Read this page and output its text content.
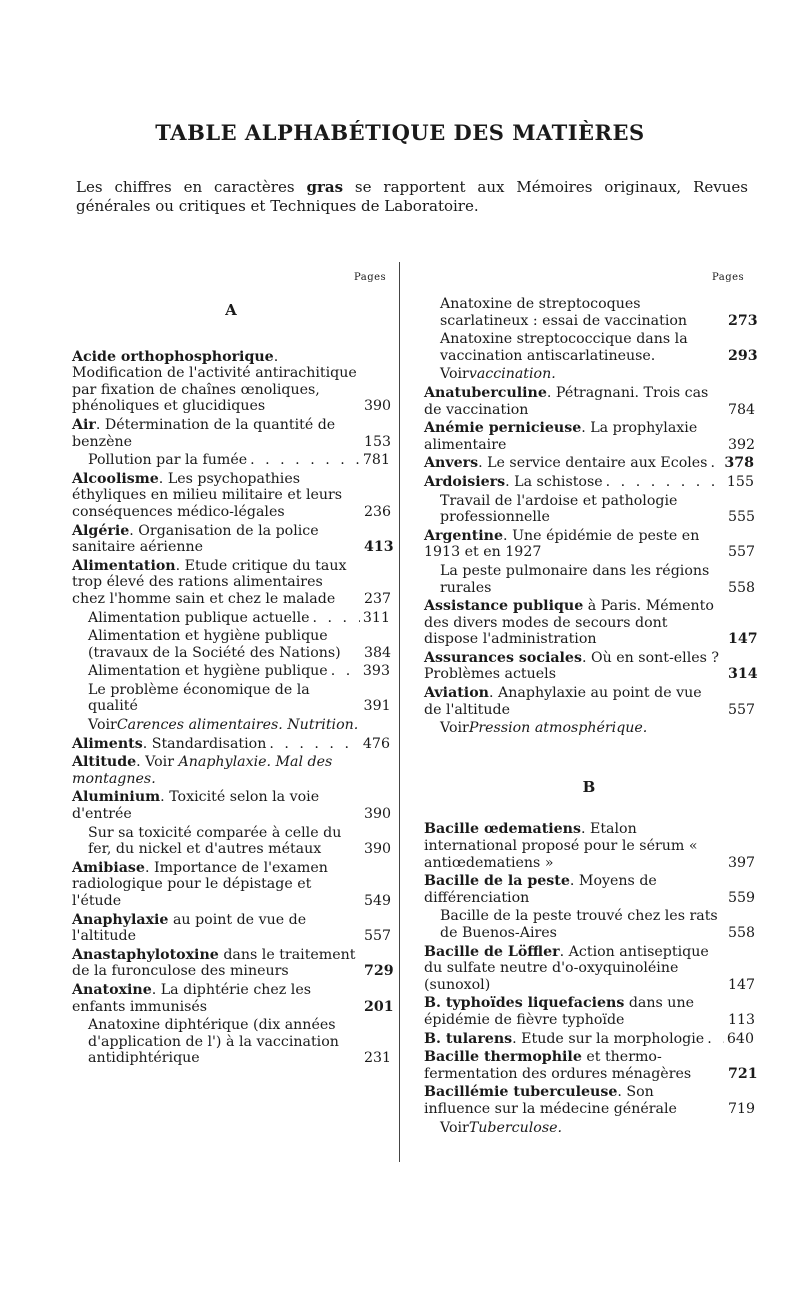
TABLE ALPHABÉTIQUE DES MATIÈRES
Les chiffres en caractères gras se rapportent aux Mémoires originaux, Revues générales ou critiques et Techniques de Laboratoire.
Pages	Pages
A
Acide orthophosphorique. Modification de l'activité antirachitique par fixation de chaînes œnoliques, phénoliques et glucidiques	390
Air. Détermination de la quantité de benzène	153
Pollution par la fumée . . .	781
Alcoolisme. Les psychopathies éthyliques en milieu militaire et leurs conséquences médico-légales	236
Algérie. Organisation de la police sanitaire aérienne	413
Alimentation. Etude critique du taux trop élevé des rations alimentaires chez l'homme sain et chez le malade	237
Alimentation publique actuelle . . .	311
Alimentation et hygiène publique (travaux de la Société des Nations)	384
Alimentation et hygiène publique . . . 393
Le problème économique de la qualité	391
VoirCarences alimentaires. Nutrition.
Aliments. Standardisation . . .	476
Altitude. Voir Anaphylaxie. Mal des montagnes.
Aluminium. Toxicité selon la voie d'entrée	390
Sur sa toxicité comparée à celle du fer, du nickel et d'autres métaux	390
Amibiase. Importance de l'examen radiologique pour le dépistage et l'étude	549
Anaphylaxie au point de vue de l'altitude	557
Anastaphylotoxine dans le traitement de la furonculose des mineurs	729
Anatoxine. La diphtérie chez les enfants immunisés	201
Anatoxine diphtérique (dix années d'application de l') à la vaccination antidiphtérique	231
Anatoxine de streptocoques scarlatineux : essai de vaccination	273
Anatoxine streptococcique dans la vaccination antiscarlatineuse.	293
Voirvaccination.
Anatuberculine. Pétragnani. Trois cas de vaccination	784
Anémie pernicieuse. La prophylaxie alimentaire	392
Anvers. Le service dentaire aux Ecoles . . . 378
Ardoisiers. La schistose . . .	155
Travail de l'ardoise et pathologie professionnelle	555
Argentine. Une épidémie de peste en 1913 et en 1927	557
La peste pulmonaire dans les régions rurales	558
Assistance publique à Paris. Mémento des divers modes de secours dont dispose l'administration	147
Assurances sociales. Où en sont-elles ? Problèmes actuels	314
Aviation. Anaphylaxie au point de vue de l'altitude	557
VoirPression atmosphérique.
B
Bacille œdematiens. Etalon international proposé pour le sérum « antiœdematiens »	397
Bacille de la peste. Moyens de différenciation	559
Bacille de la peste trouvé chez les rats de Buenos-Aires	558
Bacille de Löffler. Action antiseptique du sulfate neutre d'o-oxyquinoléine (sunoxol)	147
B. typhoïdes liquefaciens dans une épidémie de fièvre typhoïde	113
B. tularens. Etude sur la morphologie . . . 640
Bacille thermophile et thermo-fermentation des ordures ménagères	721
Bacillémie tuberculeuse. Son influence sur la médecine générale	719
VoirTuberculose.
